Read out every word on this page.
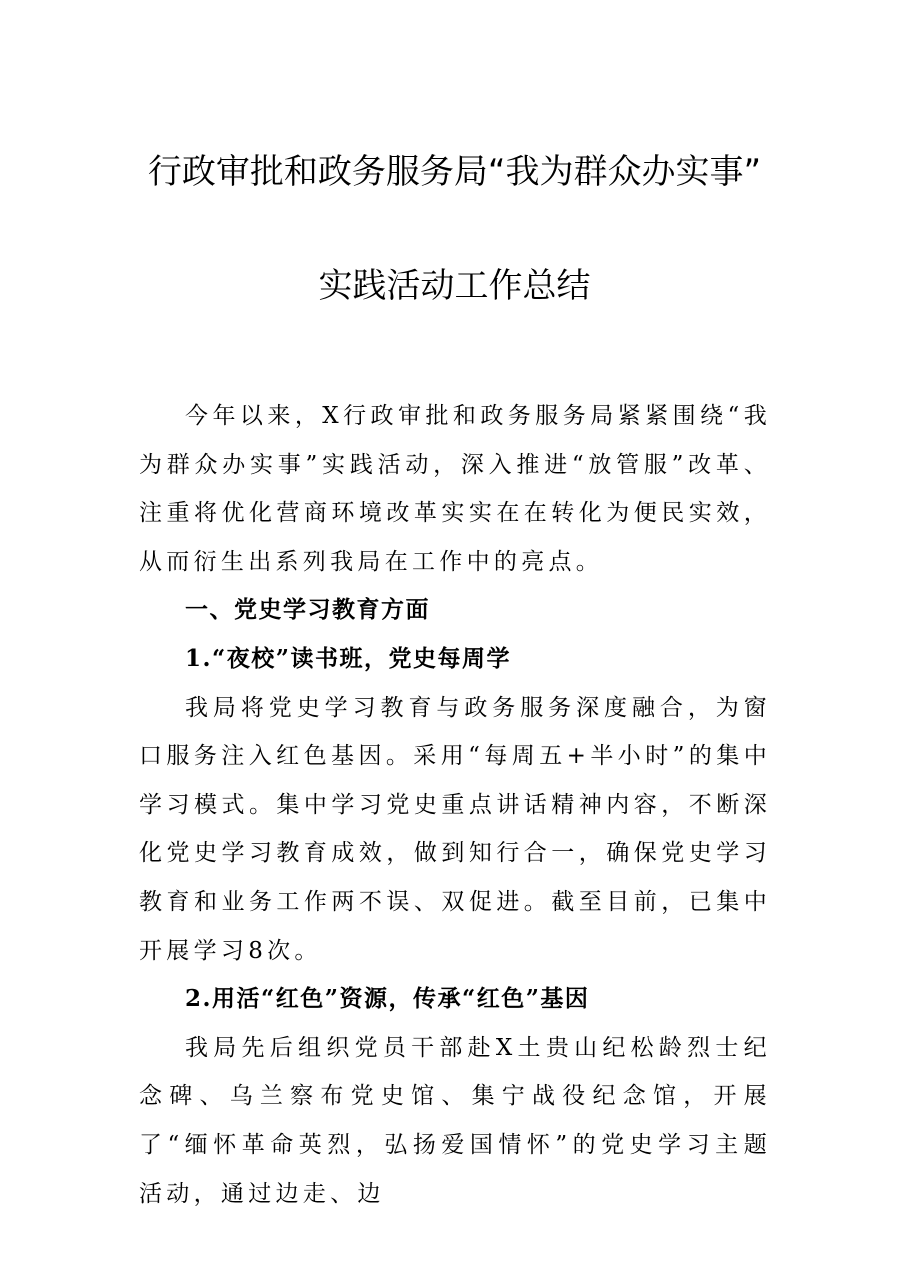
行政审批和政务服务局“我为群众办实事”
实践活动工作总结

今年以来，X行政审批和政务服务局紧紧围绕“我为群众办实事”实践活动，深入推进“放管服”改革、注重将优化营商环境改革实实在在转化为便民实效，从而衍生出系列我局在工作中的亮点。

一、党史学习教育方面
1.“夜校”读书班，党史每周学

我局将党史学习教育与政务服务深度融合，为窗口服务注入红色基因。采用“每周五+半小时”的集中学习模式。集中学习党史重点讲话精神内容，不断深化党史学习教育成效，做到知行合一，确保党史学习教育和业务工作两不误、双促进。截至目前，已集中开展学习8次。

2.用活“红色”资源，传承“红色”基因

我局先后组织党员干部赴X土贵山纪松龄烈士纪念碑、乌兰察布党史馆、集宁战役纪念馆，开展了“缅怀革命英烈，弘扬爱国情怀”的党史学习主题活动，通过边走、边
